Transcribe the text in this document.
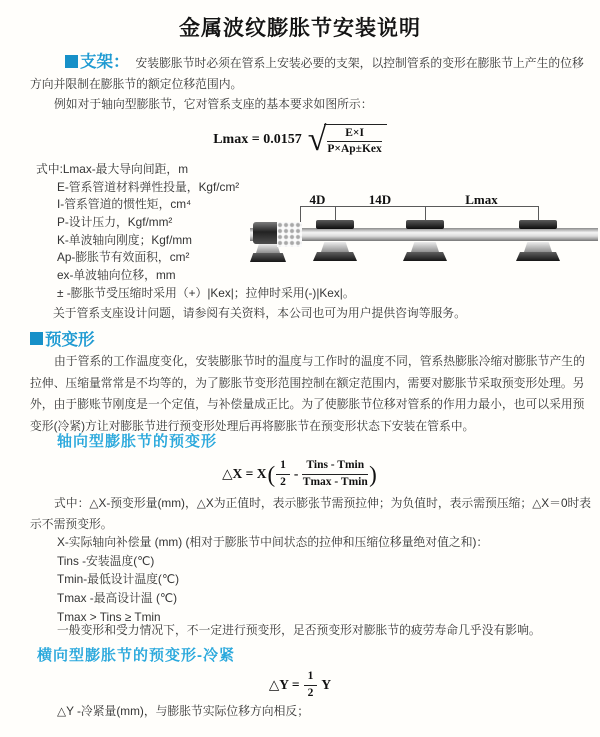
金属波纹膨胀节安装说明
支架： 安装膨胀节时必须在管系上安装必要的支架，以控制管系的变形在膨胀节上产生的位移方向并限制在膨胀节的额定位移范围内。
例如对于轴向型膨胀节，它对管系支座的基本要求如图所示：
Lmax = 0.0157 √ $\frac{E\times I}{\text{P×Ap±Kex}}$
式中:Lmax-最大导向间距，m
E-管系管道材料弹性投量，Kgf/cm²
I-管系管道的惯性矩，cm⁴
P-设计压力，Kgf/mm²
K-单波轴向刚度；Kgf/mm
Ap-膨胀节有效面积，cm²
ex-单波轴向位移，mm
± -膨胀节受压缩时采用（+）|Kex|；拉伸时采用(-)|Kex|。
关于管系支座设计问题，请参阅有关资料，本公司也可为用户提供咨询等服务。
4D	14D	Lmax
预变形
由于管系的工作温度变化，安装膨胀节时的温度与工作时的温度不同，管系热膨胀冷缩对膨胀节产生的拉伸、压缩量常常是不均等的，为了膨胀节变形范围控制在额定范围内，需要对膨胀节采取预变形处理。另外，由于膨账节刚度是一个定值，与补偿量成正比。为了使膨胀节位移对管系的作用力最小，也可以采用预变形(冷紧)方让对膨胀节进行预变形处理后再将膨胀节在预变形状态下安装在管系中。
轴向型膨胀节的预变形
△X = X ( $\frac{1}{2} - \frac{\text{Tins - Tmin}}{Tmax - Tmin}$ )
式中：△X-预变形量(mm)，△X为正值时，表示膨张节需预拉伸；为负值时，表示需预压缩；△X＝0时表示不需预变形。
X-实际轴向补偿量 (mm) (相对于膨胀节中间状态的拉伸和压缩位移量绝对值之和)：
Tins -安装温度(℃)
Tmin-最低设计温度(℃)
Tmax -最高设计温 (℃)
Tmax > Tins ≥ Tmin
一般变形和受力情况下，不一定进行预变形，足否预变形对膨胀节的疲劳寿命几乎没有影响。
横向型膨胀节的预变形-冷紧
△Y = $\frac{1}{2}$ Y
△Y -冷紧量(mm)，与膨胀节实际位移方向相反；
